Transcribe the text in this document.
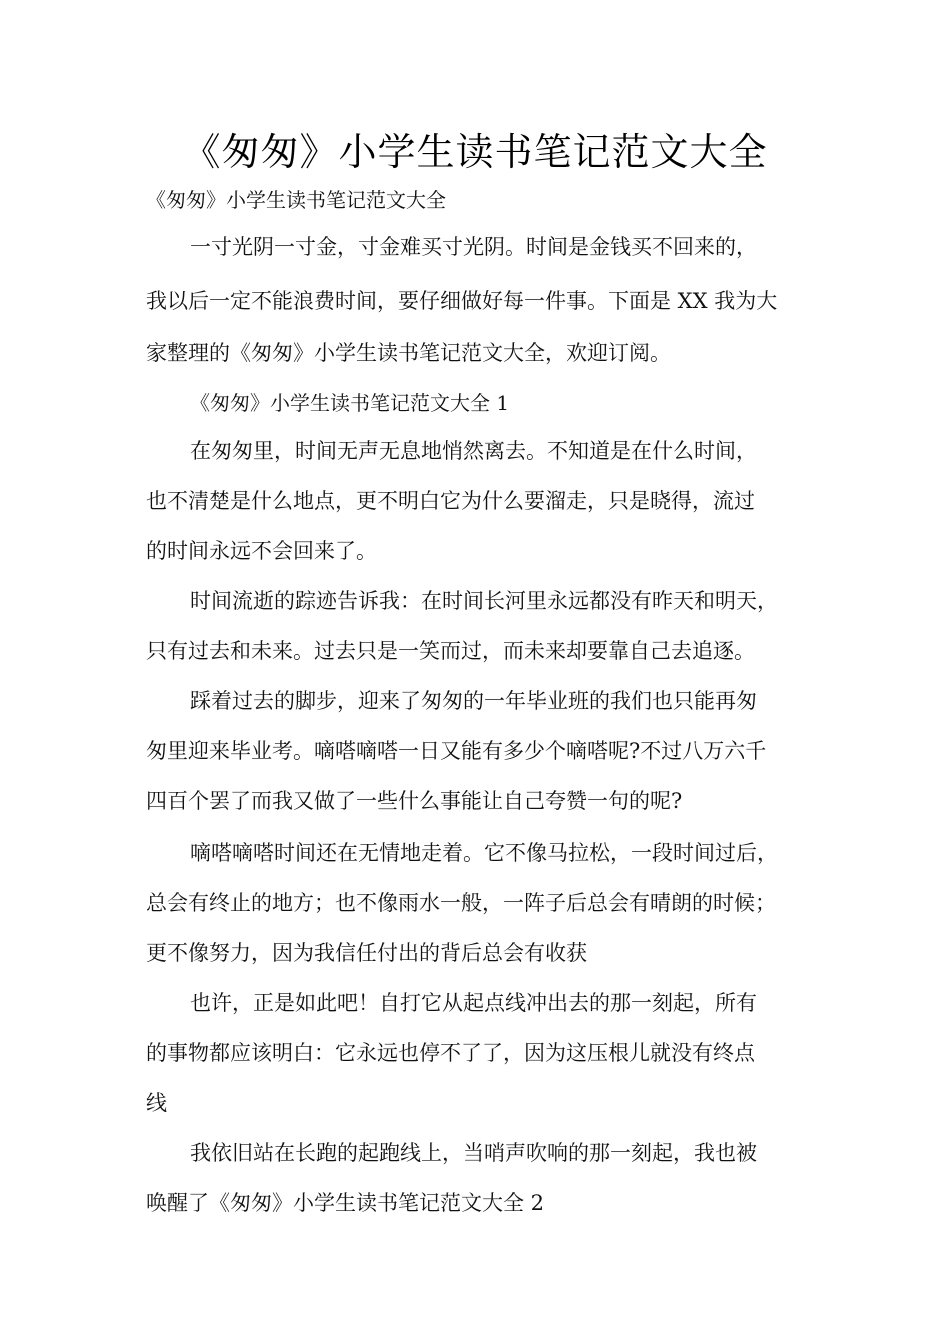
《匆匆》小学生读书笔记范文大全
《匆匆》小学生读书笔记范文大全
一寸光阴一寸金，寸金难买寸光阴。时间是金钱买不回来的，
我以后一定不能浪费时间，要仔细做好每一件事。下面是 XX 我为大
家整理的《匆匆》小学生读书笔记范文大全，欢迎订阅。
《匆匆》小学生读书笔记范文大全 1
在匆匆里，时间无声无息地悄然离去。不知道是在什么时间，
也不清楚是什么地点，更不明白它为什么要溜走，只是晓得，流过
的时间永远不会回来了。
时间流逝的踪迹告诉我：在时间长河里永远都没有昨天和明天，
只有过去和未来。过去只是一笑而过，而未来却要靠自己去追逐。
踩着过去的脚步，迎来了匆匆的一年毕业班的我们也只能再匆
匆里迎来毕业考。嘀嗒嘀嗒一日又能有多少个嘀嗒呢?不过八万六千
四百个罢了而我又做了一些什么事能让自己夸赞一句的呢?
嘀嗒嘀嗒时间还在无情地走着。它不像马拉松，一段时间过后，
总会有终止的地方；也不像雨水一般，一阵子后总会有晴朗的时候；
更不像努力，因为我信任付出的背后总会有收获
也许，正是如此吧！自打它从起点线冲出去的那一刻起，所有
的事物都应该明白：它永远也停不了了，因为这压根儿就没有终点
线
我依旧站在长跑的起跑线上，当哨声吹响的那一刻起，我也被
唤醒了《匆匆》小学生读书笔记范文大全 2
